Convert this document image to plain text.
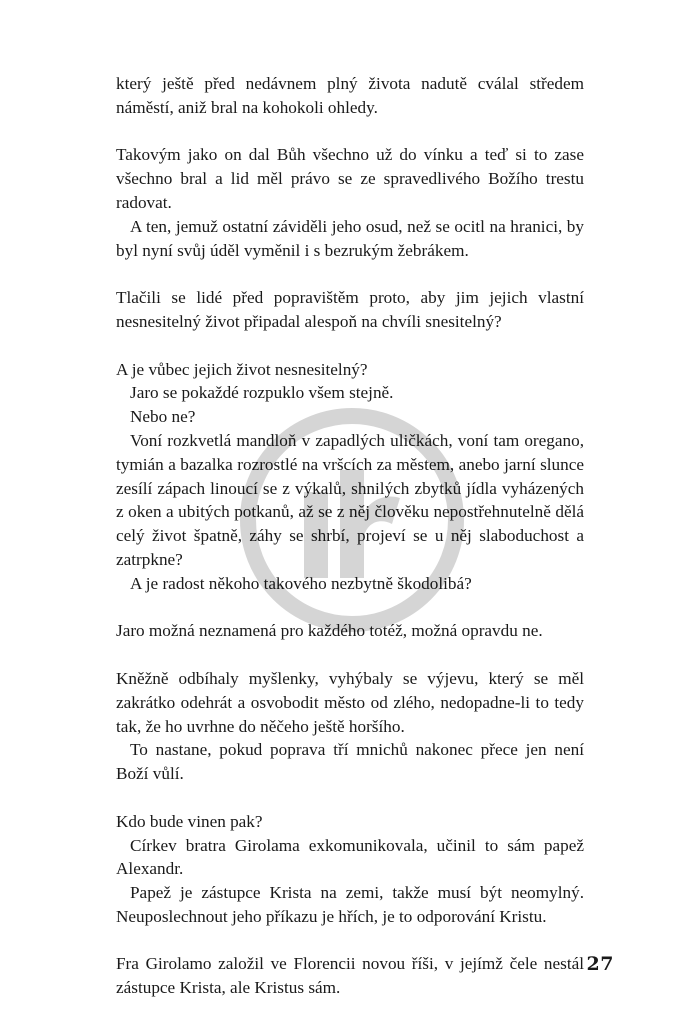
který ještě před nedávnem plný života nadutě cválal středem náměstí, aniž bral na kohokoli ohledy.

Takovým jako on dal Bůh všechno už do vínku a teď si to zase všechno bral a lid měl právo se ze spravedlivého Božího trestu radovat.

A ten, jemuž ostatní záviděli jeho osud, než se ocitl na hranici, by byl nyní svůj úděl vyměnil i s bezrukým žebrákem.

Tlačili se lidé před popravištěm proto, aby jim jejich vlastní nesnesitelný život připadal alespoň na chvíli snesitelný?

A je vůbec jejich život nesnesitelný?

Jaro se pokaždé rozpuklo všem stejně.

Nebo ne?

Voní rozkvetlá mandloň v zapadlých uličkách, voní tam oregano, tymián a bazalka rozrostlé na vršcích za městem, anebo jarní slunce zesílí zápach linoucí se z výkalů, shnilých zbytků jídla vyházených z oken a ubitých potkanů, až se z něj člověku nepostřehnutelně dělá celý život špatně, záhy se shrbí, projeví se u něj slaboduchost a zatrpkne?

A je radost někoho takového nezbytně škodolibá?

Jaro možná neznamená pro každého totéž, možná opravdu ne.

Kněžně odbíhaly myšlenky, vyhýbaly se výjevu, který se měl zakrátko odehrát a osvobodit město od zlého, nedopadne-li to tedy tak, že ho uvrhne do něčeho ještě horšího.

To nastane, pokud poprava tří mnichů nakonec přece jen není Boží vůlí.

Kdo bude vinen pak?

Církev bratra Girolama exkomunikovala, učinil to sám papež Alexandr.

Papež je zástupce Krista na zemi, takže musí být neomylný. Neuposlechnout jeho příkazu je hřích, je to odporování Kristu.

Fra Girolamo založil ve Florencii novou říši, v jejímž čele nestál zástupce Krista, ale Kristus sám.

27
